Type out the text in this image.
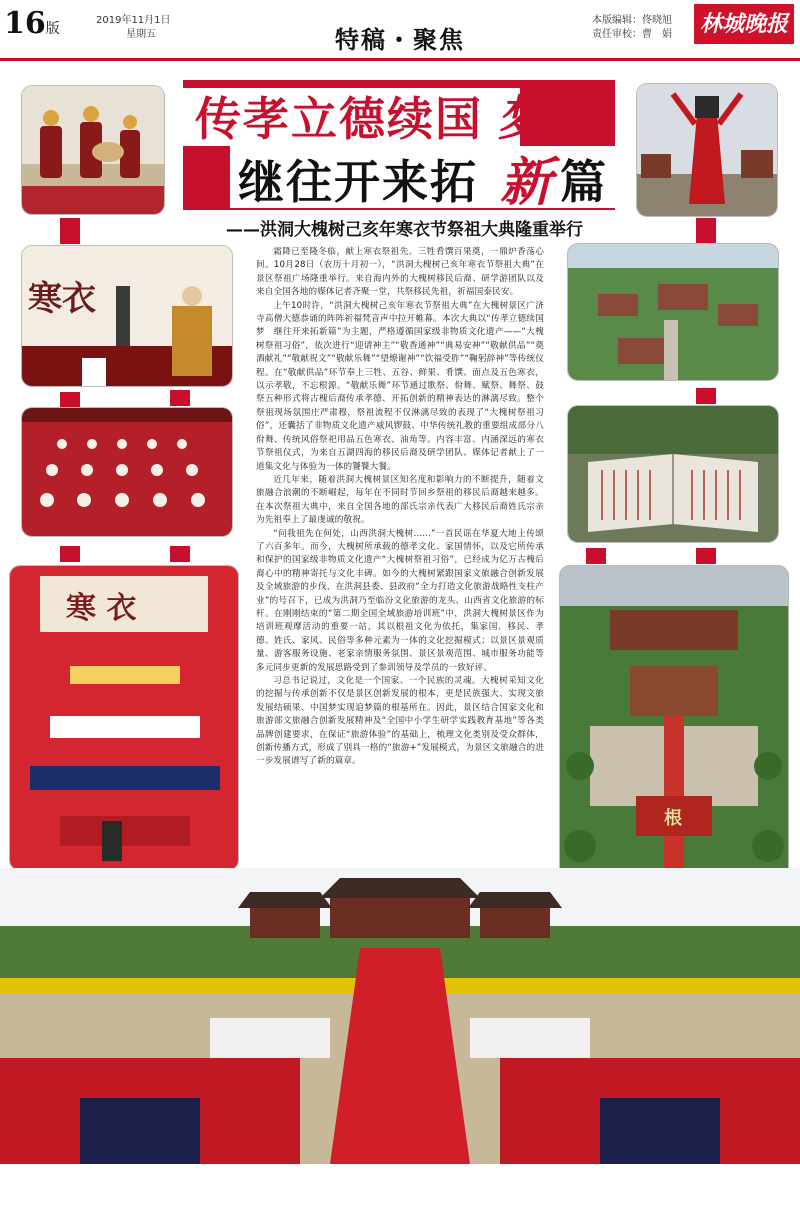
16版
2019年11月1日
星期五	特稿・聚焦
本版编辑：佟晓旭
责任审校：曹　娟 林城晚报
传孝立德续国 梦
继往开来拓 新 篇
——洪洞大槐树己亥年寒衣节祭祖大典隆重举行
寒衣
寒 衣
根

霜降已至隆冬临，献上寒衣祭祖先。三牲肴馔百果奠，一鼎炉香荡心间。10月28日（农历十月初一），“洪洞大槐树己亥年寒衣节祭祖大典”在景区祭祖广场隆重举行。来自海内外的大槐树移民后裔、研学游团队以及来自全国各地的媒体记者齐聚一堂，共祭移民先祖，祈福国泰民安。

上午10时许，“洪洞大槐树己亥年寒衣节祭祖大典”在大槐树景区广济寺高僧大德恭诵的阵阵祈福梵音声中拉开帷幕。本次大典以“传孝立德续国梦　继往开来拓新篇”为主题，严格遵循国家级非物质文化遗产——“大槐树祭祖习俗”，依次进行“迎请神主”“敬香通神”“典易安神”“敬献供品”“奠酒献礼”“敬献祝文”“敬献乐舞”“望燎谢神”“饮福受胙”“鞠躬辞神”等传统仪程。在“敬献供品”环节奉上三牲、五谷、鲜果、肴馔、面点及五色寒衣，以示孝敬，不忘根源。“敬献乐舞”环节通过歌祭、佾舞、赋祭、舞祭、鼓祭五种形式将古槐后裔传承孝德、开拓创新的精神表达的淋漓尽致。整个祭祖现场氛围庄严肃穆，祭祖流程不仅淋漓尽致的表现了“大槐树祭祖习俗”，还囊括了非物质文化遗产威风锣鼓、中华传统礼教的重要组成部分八佾舞、传统风俗祭祀用品五色寒衣、油角等。内容丰富、内涵深远的寒衣节祭祖仪式，为来自五湖四海的移民后裔及研学团队、媒体记者献上了一道集文化与体验为一体的饕餮大餐。

近几年来，随着洪洞大槐树景区知名度和影响力的不断提升，随着文旅融合浪潮的不断崛起，每年在不同时节回乡祭祖的移民后裔越来越多。在本次祭祖大典中，来自全国各地的部氏宗亲代表广大移民后裔姓氏宗亲为先祖奉上了最虔诚的敬祝。

“问我祖先在何处，山西洪洞大槐树……”一首民谣在华夏大地上传颂了六百多年。而今，大槐树所承载的德孝文化、家国情怀，以及它所传承和保护的国家级非物质文化遗产“大槐树祭祖习俗”，已经成为亿万古槐后裔心中的精神寄托与文化丰碑。如今的大槐树紧跟国家文旅融合创新发展及全域旅游的步伐，在洪洞县委、县政府“全力打造文化旅游战略性支柱产业”的号召下，已成为洪洞乃至临汾文化旅游的龙头、山西省文化旅游的标杆。在刚刚结束的“第二期全国全域旅游培训班”中，洪洞大槐树景区作为培训班观摩活动的重要一站，其以根祖文化为依托，集家国、移民、孝德、姓氏、家风、民俗等多种元素为一体的文化挖掘模式；以景区景观质量、游客服务设施、老家亲情服务氛围、景区景观范围、城市服务功能等多元同步更新的发展思路受到了参训领导及学员的一致好评。

习总书记说过，文化是一个国家、一个民族的灵魂。大槐树采知文化的挖掘与传承创新不仅是景区创新发展的根本，更是民族强大、实现文旅发展结硕果、中国梦实现追梦篇的根基所在。因此，景区结合国家文化和旅游部文旅融合创新发展精神及“全国中小学生研学实践教育基地”等各类品牌创建要求，在保证“旅游体验”的基础上，梳理文化类别及受众群体，创新传播方式，形成了别具一格的“旅游+”发展模式，为景区文旅融合的进一步发展谱写了新的篇章。
